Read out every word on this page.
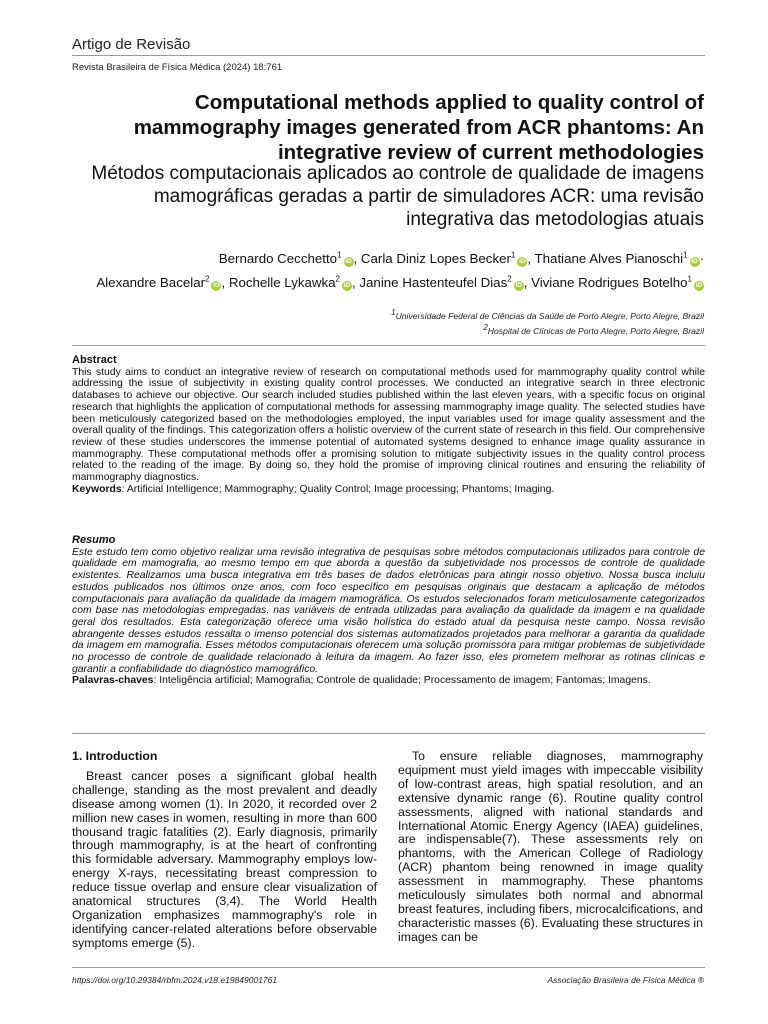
Artigo de Revisão
Revista Brasileira de Física Médica (2024) 18:761
Computational methods applied to quality control of mammography images generated from ACR phantoms: An integrative review of current methodologies
Métodos computacionais aplicados ao controle de qualidade de imagens mamográficas geradas a partir de simuladores ACR: uma revisão integrativa das metodologias atuais
Bernardo Cecchetto$^1$iD , Carla Diniz Lopes Becker$^1$iD , Thatiane Alves Pianoschi$^1$iD ·
Alexandre Bacelar$^2$iD , Rochelle Lykawka$^2$iD , Janine Hastenteufel Dias$^2$iD , Viviane Rodrigues Botelho$^1$iD
$^1$Universidade Federal de Ciências da Saúde de Porto Alegre, Porto Alegre, Brazil
$^2$Hospital de Clínicas de Porto Alegre, Porto Alegre, Brazil
Abstract

This study aims to conduct an integrative review of research on computational methods used for mammography quality control while addressing the issue of subjectivity in existing quality control processes. We conducted an integrative search in three electronic databases to achieve our objective. Our search included studies published within the last eleven years, with a specific focus on original research that highlights the application of computational methods for assessing mammography image quality. The selected studies have been meticulously categorized based on the methodologies employed, the input variables used for image quality assessment and the overall quality of the findings. This categorization offers a holistic overview of the current state of research in this field. Our comprehensive review of these studies underscores the immense potential of automated systems designed to enhance image quality assurance in mammography. These computational methods offer a promising solution to mitigate subjectivity issues in the quality control process related to the reading of the image. By doing so, they hold the promise of improving clinical routines and ensuring the reliability of mammography diagnostics.

Keywords: Artificial Intelligence; Mammography; Quality Control; Image processing; Phantoms; Imaging.

Resumo

Este estudo tem como objetivo realizar uma revisão integrativa de pesquisas sobre métodos computacionais utilizados para controle de qualidade em mamografia, ao mesmo tempo em que aborda a questão da subjetividade nos processos de controle de qualidade existentes. Realizamos uma busca integrativa em três bases de dados eletrônicas para atingir nosso objetivo. Nossa busca incluiu estudos publicados nos últimos onze anos, com foco específico em pesquisas originais que destacam a aplicação de métodos computacionais para avaliação da qualidade da imagem mamográfica. Os estudos selecionados foram meticulosamente categorizados com base nas metodologias empregadas, nas variáveis de entrada utilizadas para avaliação da qualidade da imagem e na qualidade geral dos resultados. Esta categorização oferece uma visão holística do estado atual da pesquisa neste campo. Nossa revisão abrangente desses estudos ressalta o imenso potencial dos sistemas automatizados projetados para melhorar a garantia da qualidade da imagem em mamografia. Esses métodos computacionais oferecem uma solução promissora para mitigar problemas de subjetividade no processo de controle de qualidade relacionado à leitura da imagem. Ao fazer isso, eles prometem melhorar as rotinas clínicas e garantir a confiabilidade do diagnóstico mamográfico.

Palavras-chaves: Inteligência artificial; Mamografia; Controle de qualidade; Processamento de imagem; Fantomas; Imagens.

1. Introduction

Breast cancer poses a significant global health challenge, standing as the most prevalent and deadly disease among women (1). In 2020, it recorded over 2 million new cases in women, resulting in more than 600 thousand tragic fatalities (2). Early diagnosis, primarily through mammography, is at the heart of confronting this formidable adversary. Mammography employs low-energy X-rays, necessitating breast compression to reduce tissue overlap and ensure clear visualization of anatomical structures (3,4). The World Health Organization emphasizes mammography's role in identifying cancer-related alterations before observable symptoms emerge (5).

To ensure reliable diagnoses, mammography equipment must yield images with impeccable visibility of low-contrast areas, high spatial resolution, and an extensive dynamic range (6). Routine quality control assessments, aligned with national standards and International Atomic Energy Agency (IAEA) guidelines, are indispensable(7). These assessments rely on phantoms, with the American College of Radiology (ACR) phantom being renowned in image quality assessment in mammography. These phantoms meticulously simulates both normal and abnormal breast features, including fibers, microcalcifications, and characteristic masses (6). Evaluating these structures in images can be

https://doi.org/10.29384/rbfm.2024.v18.e19849001761	Associação Brasileira de Física Médica ®
